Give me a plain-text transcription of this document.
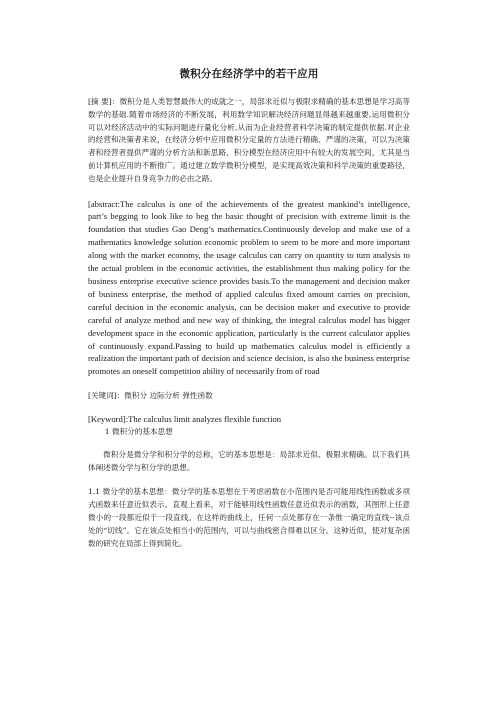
微积分在经济学中的若干应用

[摘 要]：微积分是人类智慧最伟大的成就之一，局部求近似与极限求精确的基本思想是学习高等数学的基础.随着市场经济的不断发展，利用数学知识解决经济问题显得越来越重要,运用微积分可以对经济活动中的实际问题进行量化分析,从而为企业经营者科学决策的制定提供依据.对企业的经营和决策者来说，在经济分析中应用微积分定量的方法进行精确、严谨的决策，可以为决策者和经营者提供严谨的分析方法和新思路，积分模型在经济应用中有较大的发展空间，尤其是当前计算机应用的不断推广。通过建立数学微积分模型，是实现高效决策和科学决策的重要路径，也是企业提升自身竞争力的必由之路。

[abstract:The calculus is one of the achievements of the greatest mankind’s intelligence, part’s begging to look like to beg the basic thought of precision with extreme limit is the foundation that studies Gao Deng’s mathematics.Continuously develop and make use of a mathematics knowledge solution economic problem to seem to be more and more important along with the market economy, the usage calculus can carry on quantity to turn analysis to the actual problem in the economic activities, the establishment thus making policy for the business enterprise executive science provides basis.To the management and decision maker of business enterprise, the method of applied calculus fixed amount carries on precision, careful decision in the economic analysis, can be decision maker and executive to provide careful of analyze method and new way of thinking, the integral calculus model has bigger development space in the economic application, particularly is the current calculator applies of continuously expand.Passing to build up mathematics calculus model is efficiently a realization the important path of decision and science decision, is also the business enterprise promotes an oneself competition ability of necessarily from of road

[关键词]：微积分 边际分析 弹性函数

[Keyword]:The calculus limit analyzes flexible function

1 微积分的基本思想

微积分是微分学和积分学的总称，它的基本思想是：局部求近似、极限求精确。以下我们具体阐述微分学与积分学的思想。

1.1 微分学的基本思想：微分学的基本思想在于考虑函数在小范围内是否可能用线性函数或多项式函数来任意近似表示。直观上看来，对于能够用线性函数任意近似表示的函数，其图形上任意微小的一段都近似于一段直线。在这样的曲线上，任何一点处都存在一条惟一确定的直线--该点处的“切线”。它在该点处相当小的范围内，可以与曲线密合得难以区分。这种近似，使对复杂函数的研究在局部上得到简化。
